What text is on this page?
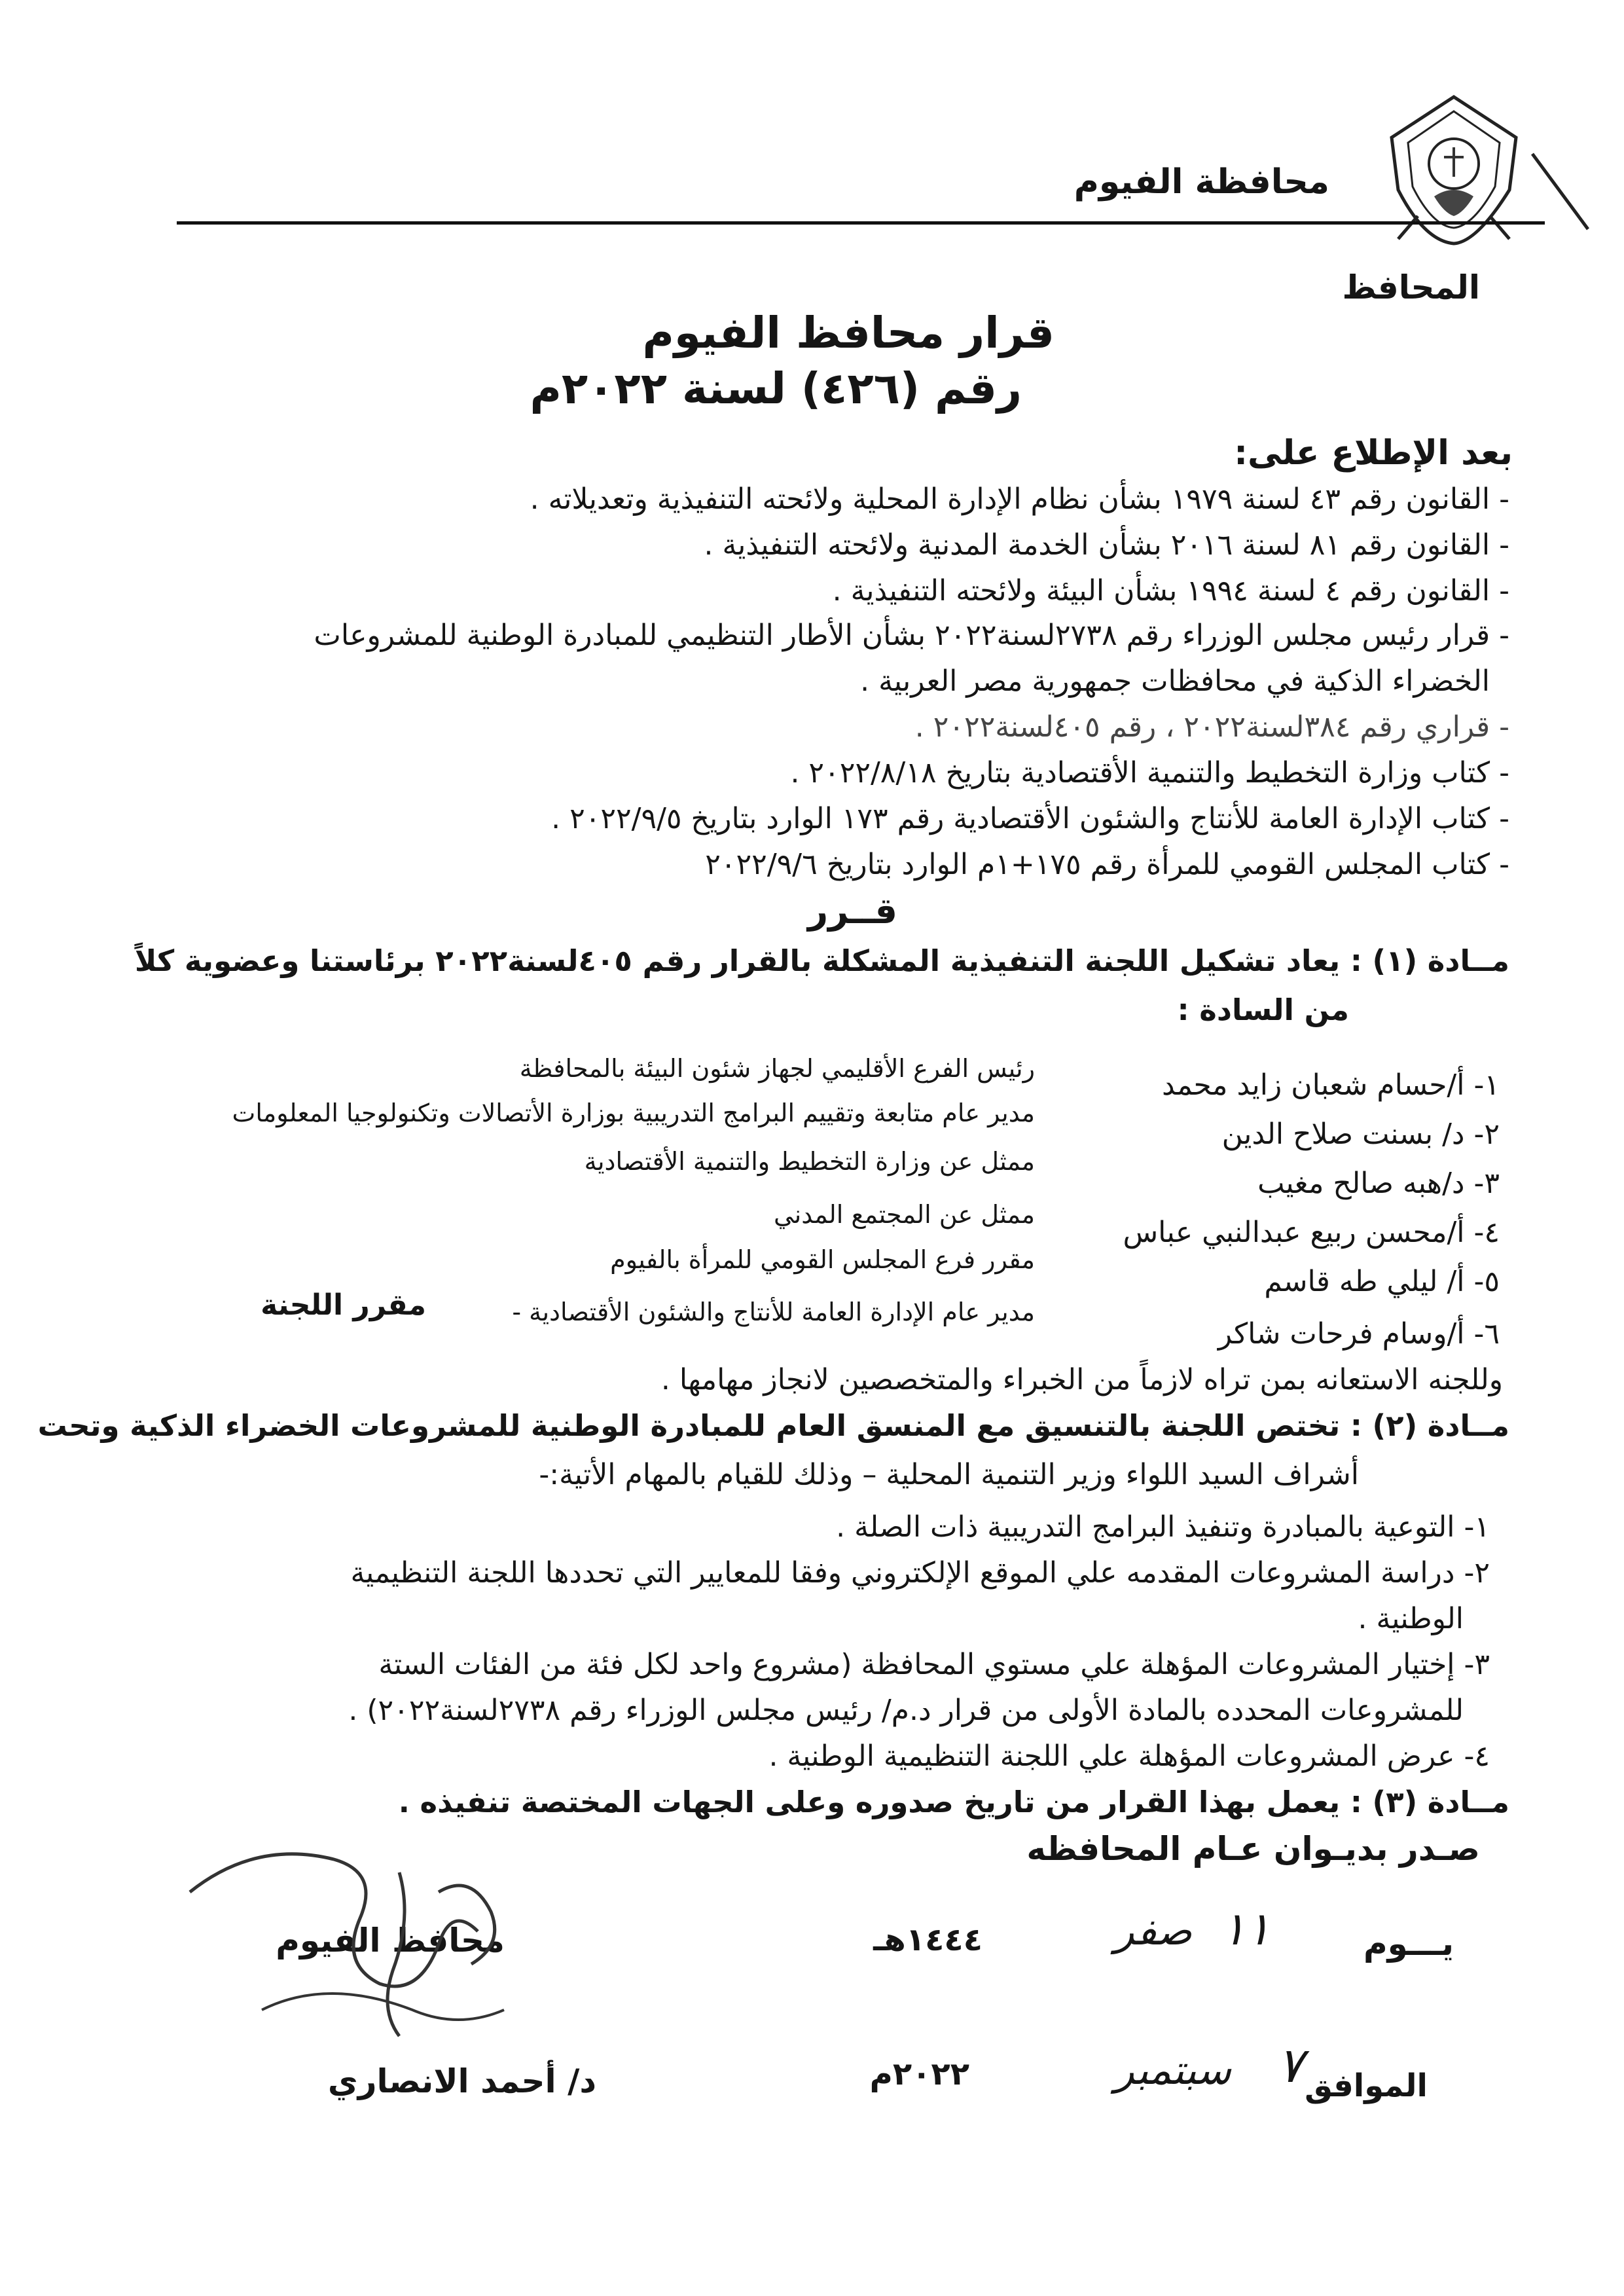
محافظة الفيوم
المحافظ
قرار محافظ الفيوم
رقم (٤٢٦) لسنة ٢٠٢٢م
بعد الإطلاع على:
- القانون رقم ٤٣ لسنة ١٩٧٩ بشأن نظام الإدارة المحلية ولائحته التنفيذية وتعديلاته .
- القانون رقم ٨١ لسنة ٢٠١٦ بشأن الخدمة المدنية ولائحته التنفيذية .
- القانون رقم ٤ لسنة ١٩٩٤ بشأن البيئة ولائحته التنفيذية .
- قرار رئيس مجلس الوزراء رقم ٢٧٣٨لسنة٢٠٢٢ بشأن الأطار التنظيمي للمبادرة الوطنية للمشروعات
الخضراء الذكية في محافظات جمهورية مصر العربية .
- قراري رقم ٣٨٤لسنة٢٠٢٢ ، رقم ٤٠٥لسنة٢٠٢٢ .
- كتاب وزارة التخطيط والتنمية الأقتصادية بتاريخ ٢٠٢٢/٨/١٨ .
- كتاب الإدارة العامة للأنتاج والشئون الأقتصادية رقم ١٧٣ الوارد بتاريخ ٢٠٢٢/٩/٥ .
- كتاب المجلس القومي للمرأة رقم ١٧٥+١م الوارد بتاريخ ٢٠٢٢/٩/٦
قــرر
مــادة (١) : يعاد تشكيل اللجنة التنفيذية المشكلة بالقرار رقم ٤٠٥لسنة٢٠٢٢ برئاستنا وعضوية كلاً
من السادة :
١- أ/حسام شعبان زايد محمد
رئيس الفرع الأقليمي لجهاز شئون البيئة بالمحافظة
٢- د/ بسنت صلاح الدين
مدير عام متابعة وتقييم البرامج التدريبية بوزارة الأتصالات وتكنولوجيا المعلومات
٣- د/هبه صالح مغيب
ممثل عن وزارة التخطيط والتنمية الأقتصادية
٤- أ/محسن ربيع عبدالنبي عباس
ممثل عن المجتمع المدني
٥- أ/ ليلي طه قاسم
مقرر فرع المجلس القومي للمرأة بالفيوم
٦- أ/وسام فرحات شاكر
مدير عام الإدارة العامة للأنتاج والشئون الأقتصادية -
مقرر اللجنة
وللجنه الاستعانه بمن تراه لازماً من الخبراء والمتخصصين لانجاز مهامها .
مــادة (٢) : تختص اللجنة بالتنسيق مع المنسق العام للمبادرة الوطنية للمشروعات الخضراء الذكية وتحت
أشراف السيد اللواء وزير التنمية المحلية – وذلك للقيام بالمهام الأتية:-
١- التوعية بالمبادرة وتنفيذ البرامج التدريبية ذات الصلة .
٢- دراسة المشروعات المقدمه علي الموقع الإلكتروني وفقا للمعايير التي تحددها اللجنة التنظيمية
الوطنية .
٣- إختيار المشروعات المؤهلة علي مستوي المحافظة (مشروع واحد لكل فئة من الفئات الستة
للمشروعات المحدده بالمادة الأولى من قرار د.م/ رئيس مجلس الوزراء رقم ٢٧٣٨لسنة٢٠٢٢) .
٤- عرض المشروعات المؤهلة علي اللجنة التنظيمية الوطنية .
مــادة (٣) : يعمل بهذا القرار من تاريخ صدوره وعلى الجهات المختصة تنفيذه .
صـدر بديـوان عـام المحافظه
يـــوم
١١
صفر
١٤٤٤هـ
الموافق
٧
سبتمبر
٢٠٢٢م
محافظ الفيوم
د/ أحمد الانصاري
